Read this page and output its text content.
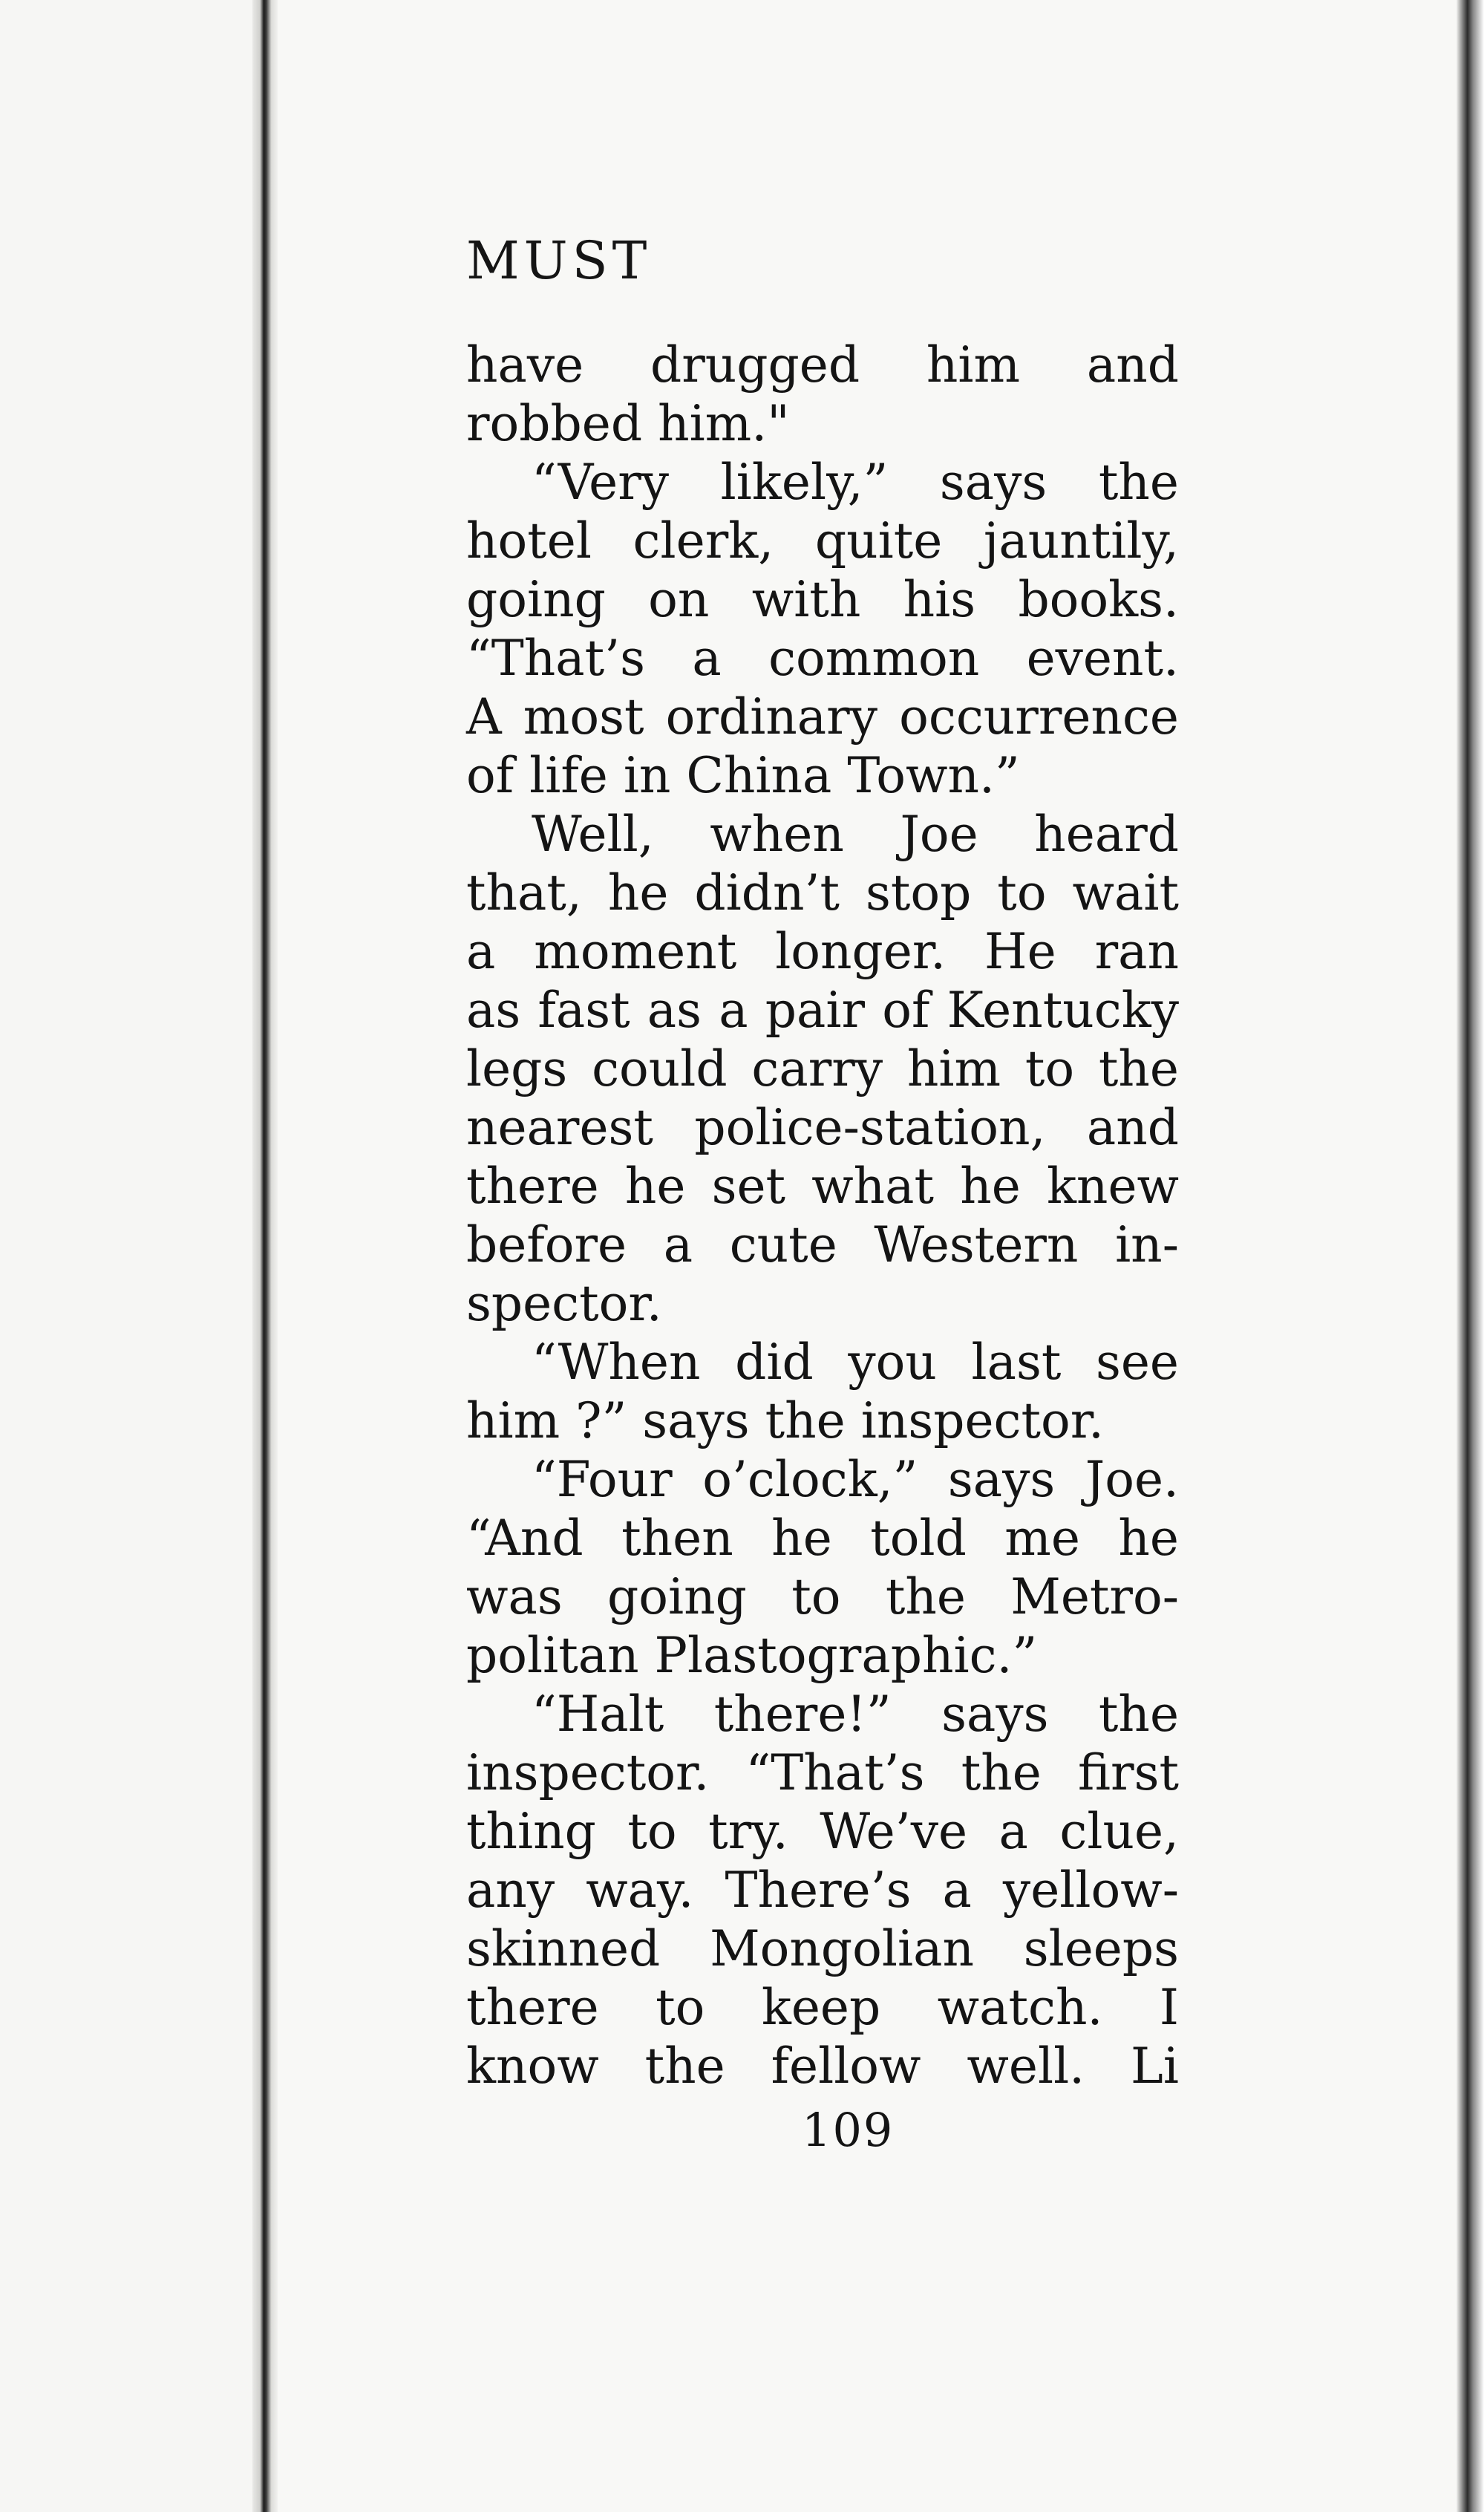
MUST
have drugged him and
robbed him."
“Very likely,” says the
hotel clerk, quite jauntily,
going on with his books.
“That’s a common event.
A most ordinary occurrence
of life in China Town.”
Well, when Joe heard
that, he didn’t stop to wait
a moment longer. He ran
as fast as a pair of Kentucky
legs could carry him to the
nearest police-station, and
there he set what he knew
before a cute Western in-
spector.
“When did you last see
him ?” says the inspector.
“Four o’clock,” says Joe.
“And then he told me he
was going to the Metro-
politan Plastographic.”
“Halt there!” says the
inspector. “That’s the first
thing to try. We’ve a clue,
any way. There’s a yellow-
skinned Mongolian sleeps
there to keep watch. I
know the fellow well. Li
109
